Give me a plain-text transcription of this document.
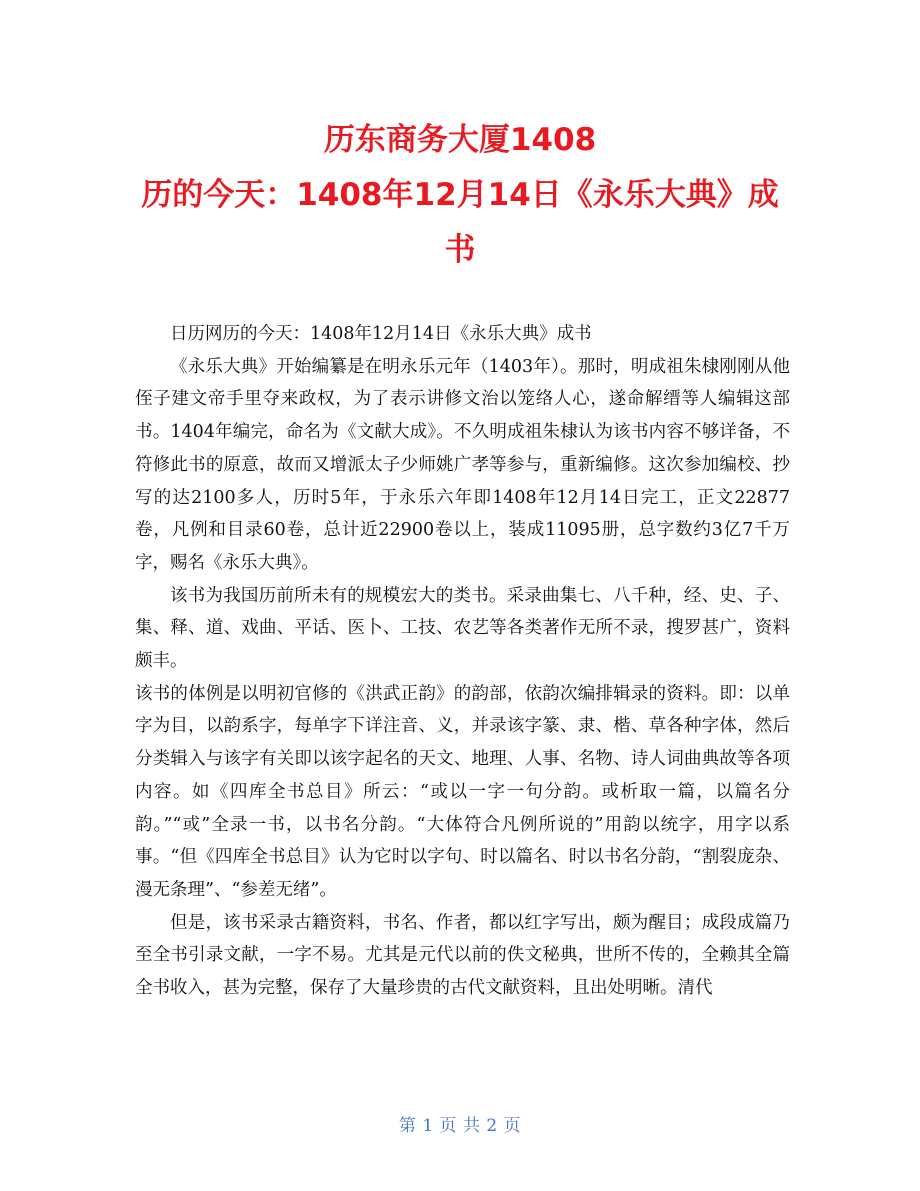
历东商务大厦1408
历的今天：1408年12月14日《永乐大典》成
书

日历网历的今天：1408年12月14日《永乐大典》成书

《永乐大典》开始编纂是在明永乐元年（1403年）。那时，明成祖朱棣刚刚从他侄子建文帝手里夺来政权，为了表示讲修文治以笼络人心，遂命解缙等人编辑这部书。1404年编完，命名为《文献大成》。不久明成祖朱棣认为该书内容不够详备，不符修此书的原意，故而又增派太子少师姚广孝等参与，重新编修。这次参加编校、抄写的达2100多人，历时5年，于永乐六年即1408年12月14日完工，正文22877卷，凡例和目录60卷，总计近22900卷以上，装成11095册，总字数约3亿7千万字，赐名《永乐大典》。

该书为我国历前所未有的规模宏大的类书。采录曲集七、八千种，经、史、子、集、释、道、戏曲、平话、医卜、工技、农艺等各类著作无所不录，搜罗甚广，资料颇丰。

该书的体例是以明初官修的《洪武正韵》的韵部，依韵次编排辑录的资料。即：以单字为目，以韵系字，每单字下详注音、义，并录该字篆、隶、楷、草各种字体，然后分类辑入与该字有关即以该字起名的天文、地理、人事、名物、诗人词曲典故等各项内容。如《四库全书总目》所云：“或以一字一句分韵。或析取一篇，以篇名分韵。”“或”全录一书，以书名分韵。“大体符合凡例所说的”用韵以统字，用字以系事。“但《四库全书总目》认为它时以字句、时以篇名、时以书名分韵，“割裂庞杂、漫无条理”、“参差无绪”。

但是，该书采录古籍资料，书名、作者，都以红字写出，颇为醒目；成段成篇乃至全书引录文献，一字不易。尤其是元代以前的佚文秘典，世所不传的，全赖其全篇全书收入，甚为完整，保存了大量珍贵的古代文献资料，且出处明晰。清代

第 1 页 共 2 页
